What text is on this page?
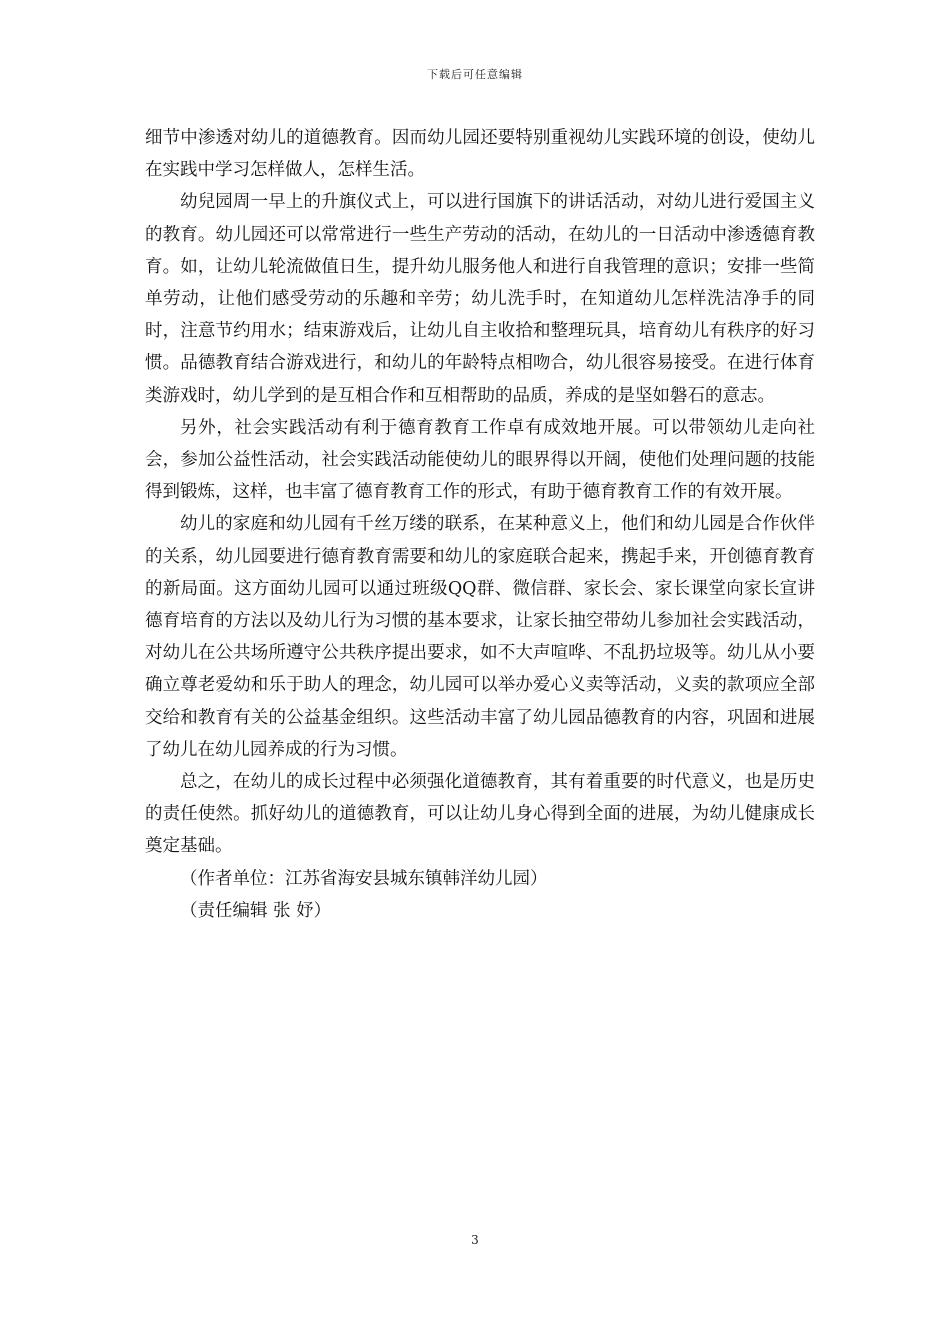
下载后可任意编辑

细节中渗透对幼儿的道德教育。因而幼儿园还要特别重视幼儿实践环境的创设，使幼儿在实践中学习怎样做人，怎样生活。

幼兒园周一早上的升旗仪式上，可以进行国旗下的讲话活动，对幼儿进行爱国主义的教育。幼儿园还可以常常进行一些生产劳动的活动，在幼儿的一日活动中渗透德育教育。如，让幼儿轮流做值日生，提升幼儿服务他人和进行自我管理的意识；安排一些简单劳动，让他们感受劳动的乐趣和辛劳；幼儿洗手时，在知道幼儿怎样洗洁净手的同时，注意节约用水；结束游戏后，让幼儿自主收拾和整理玩具，培育幼儿有秩序的好习惯。品德教育结合游戏进行，和幼儿的年龄特点相吻合，幼儿很容易接受。在进行体育类游戏时，幼儿学到的是互相合作和互相帮助的品质，养成的是坚如磐石的意志。

另外，社会实践活动有利于德育教育工作卓有成效地开展。可以带领幼儿走向社会，参加公益性活动，社会实践活动能使幼儿的眼界得以开阔，使他们处理问题的技能得到锻炼，这样，也丰富了德育教育工作的形式，有助于德育教育工作的有效开展。

幼儿的家庭和幼儿园有千丝万缕的联系，在某种意义上，他们和幼儿园是合作伙伴的关系，幼儿园要进行德育教育需要和幼儿的家庭联合起来，携起手来，开创德育教育的新局面。这方面幼儿园可以通过班级QQ群、微信群、家长会、家长课堂向家长宣讲德育培育的方法以及幼儿行为习惯的基本要求，让家长抽空带幼儿参加社会实践活动，对幼儿在公共场所遵守公共秩序提出要求，如不大声喧哗、不乱扔垃圾等。幼儿从小要确立尊老爱幼和乐于助人的理念，幼儿园可以举办爱心义卖等活动，义卖的款项应全部交给和教育有关的公益基金组织。这些活动丰富了幼儿园品德教育的内容，巩固和进展了幼儿在幼儿园养成的行为习惯。

总之，在幼儿的成长过程中必须强化道德教育，其有着重要的时代意义，也是历史的责任使然。抓好幼儿的道德教育，可以让幼儿身心得到全面的进展，为幼儿健康成长奠定基础。

（作者单位：江苏省海安县城东镇韩洋幼儿园）

（责任编辑 张 妤）

3
